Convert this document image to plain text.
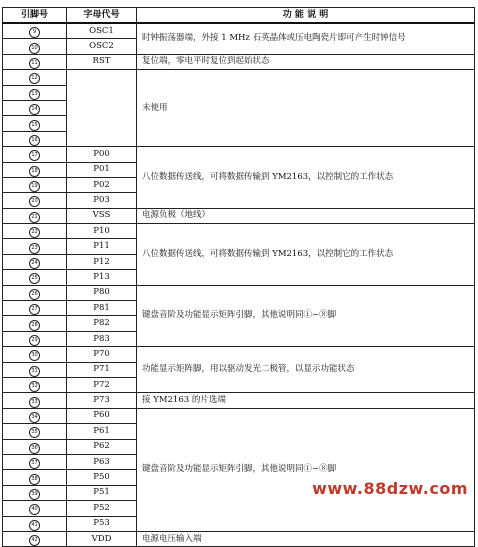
引脚号	字母代号	功 能 说 明
9	OSC1	时钟振荡器端，外接 1 MHz 石英晶体或压电陶瓷片即可产生时钟信号
10	OSC2	
11	RST	复位端，零电平时复位到起始状态
12		未使用
13		
14		
15		
16		
17	P00	八位数据传送线，可将数据传输到 YM2163，以控制它的工作状态
18	P01	
19	P02	
20	P03	
21	VSS	电源负极（地线）
22	P10	八位数据传送线，可将数据传输到 YM2163，以控制它的工作状态
23	P11	
24	P12	
25	P13	
26	P80	键盘音阶及功能显示矩阵引脚，其他说明同①~⑧脚
27	P81	
28	P82	
29	P83	
30	P70	功能显示矩阵脚，用以驱动发光二极管，以显示功能状态
31	P71	
32	P72	
33	P73	接 YM2163 的片选端
34	P60	键盘音阶及功能显示矩阵引脚，其他说明同①~⑧脚
35	P61	
36	P62	
37	P63	
38	P50	
39	P51	
40	P52	
41	P53	
42	VDD	电源电压输入端
www.88dzw.com
